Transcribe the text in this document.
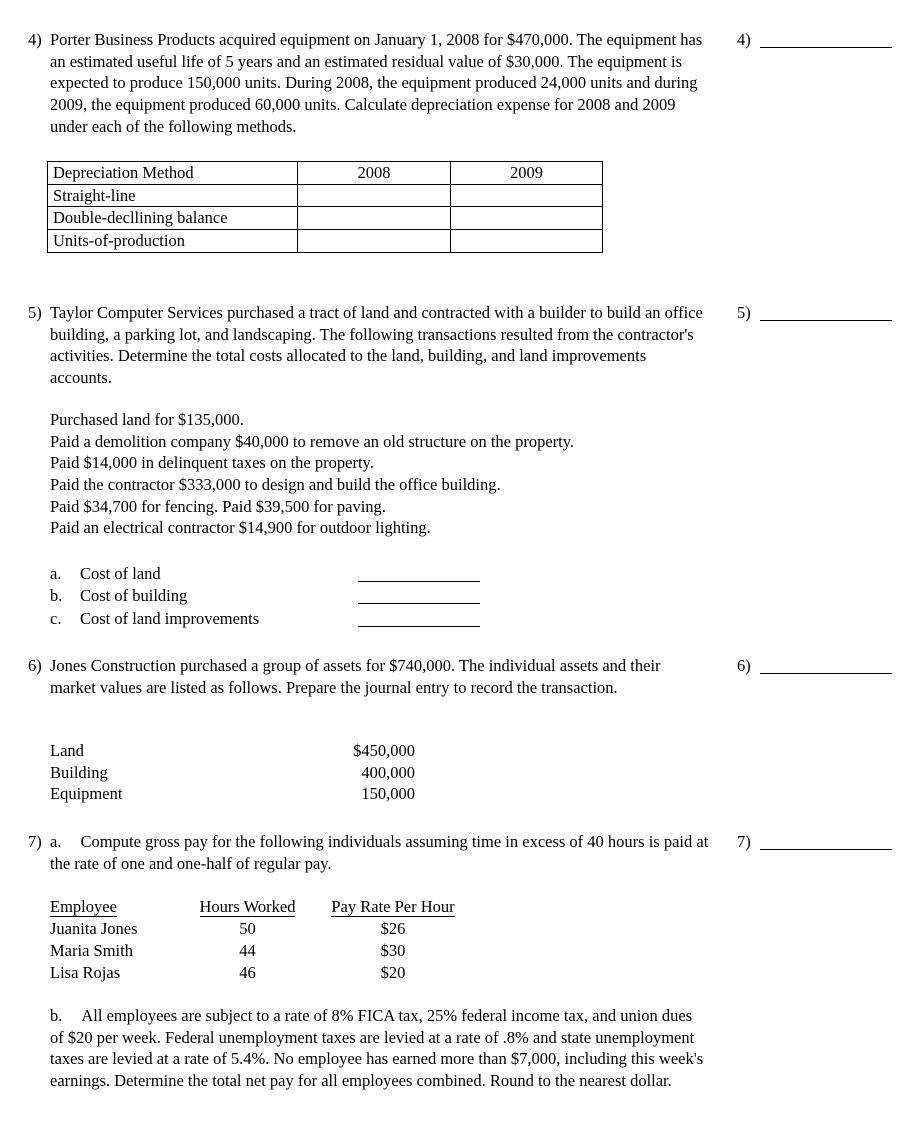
4) Porter Business Products acquired equipment on January 1, 2008 for $470,000. The equipment has an estimated useful life of 5 years and an estimated residual value of $30,000. The equipment is expected to produce 150,000 units. During 2008, the equipment produced 24,000 units and during 2009, the equipment produced 60,000 units. Calculate depreciation expense for 2008 and 2009 under each of the following methods.
4)
Depreciation Method	2008	2009
Straight-line		
Double-decllining balance		
Units-of-production		
5) Taylor Computer Services purchased a tract of land and contracted with a builder to build an office building, a parking lot, and landscaping. The following transactions resulted from the contractor's activities. Determine the total costs allocated to the land, building, and land improvements accounts.
5)
Purchased land for $135,000.
Paid a demolition company $40,000 to remove an old structure on the property.
Paid $14,000 in delinquent taxes on the property.
Paid the contractor $333,000 to design and build the office building.
Paid $34,700 for fencing. Paid $39,500 for paving.
Paid an electrical contractor $14,900 for outdoor lighting.
a.	Cost of land
b.	Cost of building
c.	Cost of land improvements
6) Jones Construction purchased a group of assets for $740,000. The individual assets and their market values are listed as follows. Prepare the journal entry to record the transaction.
6)
Land	$450,000
Building	400,000
Equipment	150,000
7) a. Compute gross pay for the following individuals assuming time in excess of 40 hours is paid at the rate of one and one-half of regular pay.
7)
Employee	Hours Worked	Pay Rate Per Hour
Juanita Jones	50	$26
Maria Smith	44	$30
Lisa Rojas	46	$20
b. All employees are subject to a rate of 8% FICA tax, 25% federal income tax, and union dues of $20 per week. Federal unemployment taxes are levied at a rate of .8% and state unemployment taxes are levied at a rate of 5.4%. No employee has earned more than $7,000, including this week's earnings. Determine the total net pay for all employees combined. Round to the nearest dollar.
